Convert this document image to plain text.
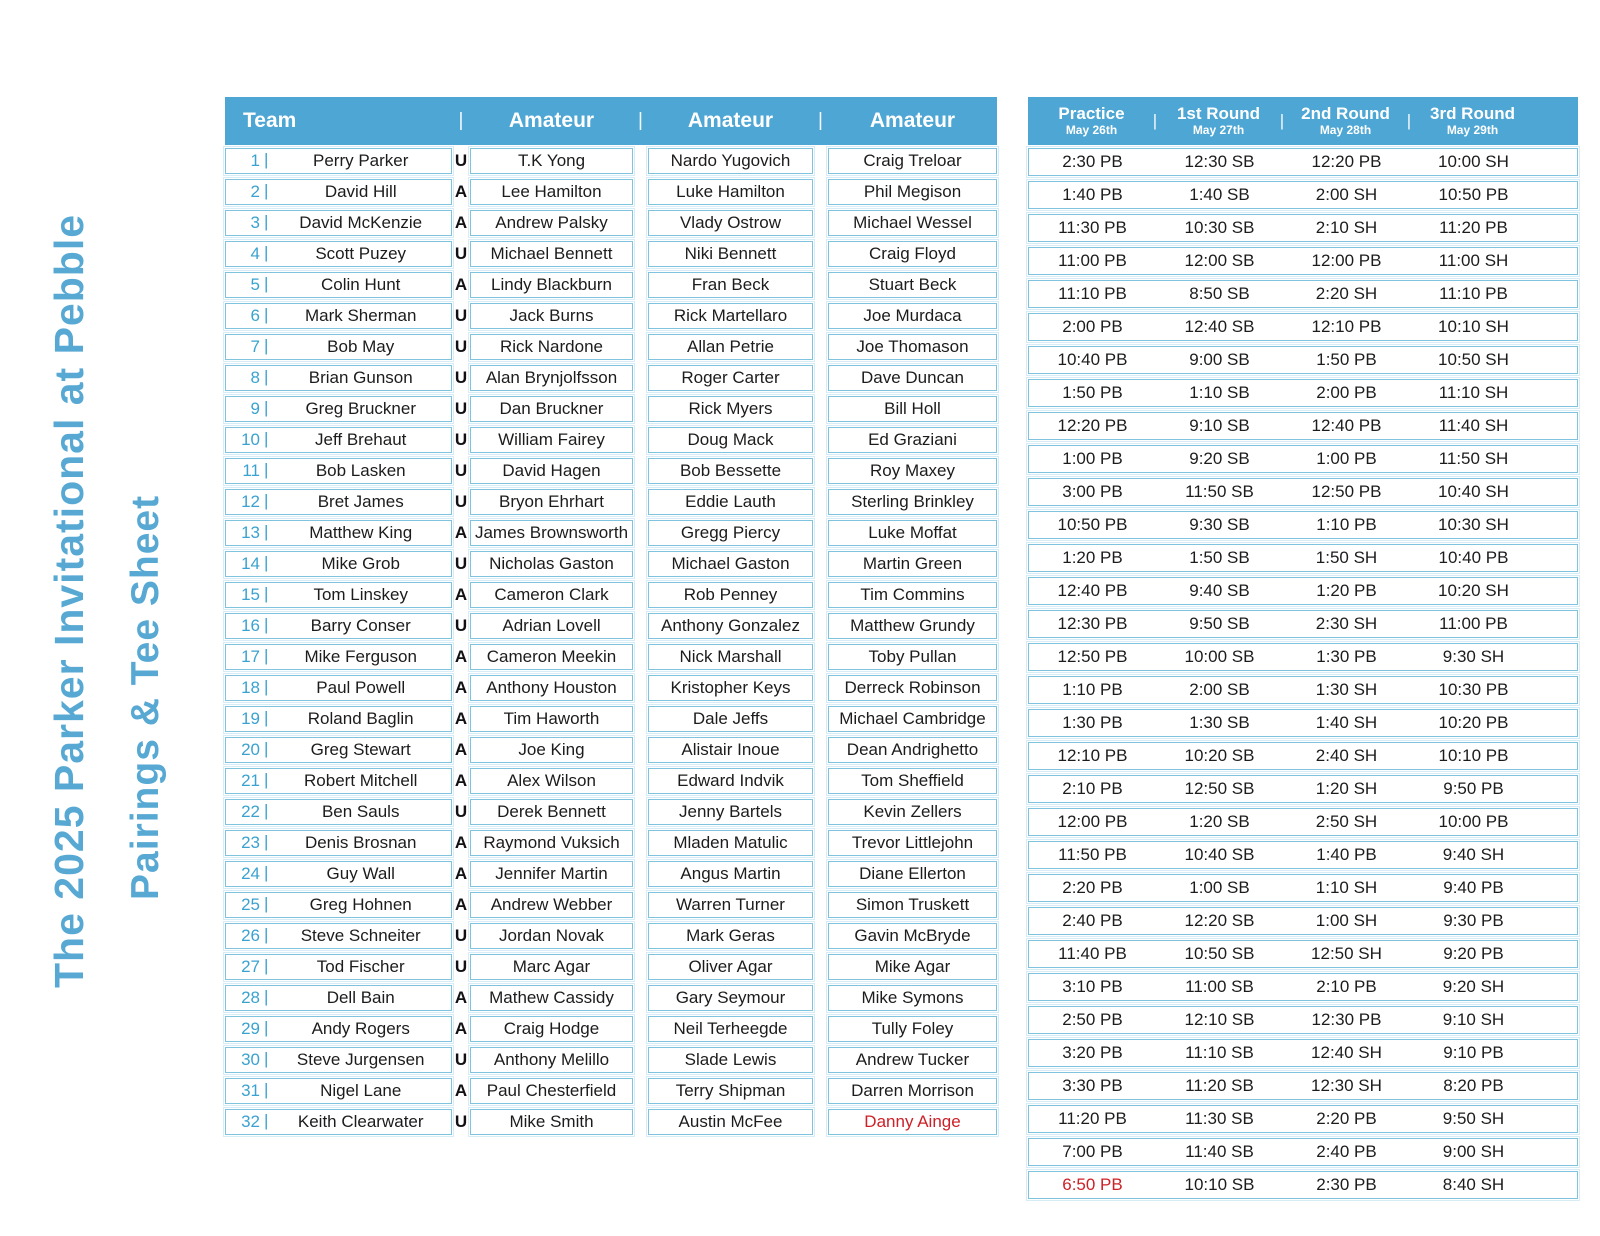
The 2025 Parker Invitational at Pebble Pairings & Tee Sheet
Team	|	Amateur	|	Amateur	|	Amateur
1 |	Perry Parker	U	T.K Yong	Nardo Yugovich	Craig Treloar
2 |	David Hill	A Lee Hamilton	Luke Hamilton	Phil Megison
3 |	David McKenzie	A Andrew Palsky	Vlady Ostrow	Michael Wessel
4 |	Scott Puzey	U Michael Bennett	Niki Bennett	Craig Floyd
5 |	Colin Hunt	A Lindy Blackburn	Fran Beck	Stuart Beck
6 |	Mark Sherman	U Jack Burns	Rick Martellaro	Joe Murdaca
7 |	Bob May	U Rick Nardone	Allan Petrie	Joe Thomason
8 |	Brian Gunson	U Alan Brynjolfsson	Roger Carter	Dave Duncan
9 |	Greg Bruckner	U Dan Bruckner	Rick Myers	Bill Holl
10 |	Jeff Brehaut	U William Fairey	Doug Mack	Ed Graziani
11 |	Bob Lasken	U David Hagen	Bob Bessette	Roy Maxey
12 |	Bret James	U Bryon Ehrhart	Eddie Lauth	Sterling Brinkley
13 |	Matthew King	A James Brownsworth	Gregg Piercy	Luke Moffat
14 |	Mike Grob	U Nicholas Gaston	Michael Gaston	Martin Green
15 |	Tom Linskey	A Cameron Clark	Rob Penney	Tim Commins
16 |	Barry Conser	U Adrian Lovell	Anthony Gonzalez	Matthew Grundy
17 |	Mike Ferguson	A Cameron Meekin	Nick Marshall	Toby Pullan
18 |	Paul Powell	A Anthony Houston	Kristopher Keys	Derreck Robinson
19 |	Roland Baglin	A Tim Haworth	Dale Jeffs	Michael Cambridge
20 |	Greg Stewart	A	Joe King	Alistair Inoue	Dean Andrighetto
21 |	Robert Mitchell	A Alex Wilson	Edward Indvik	Tom Sheffield
22 |	Ben Sauls	U Derek Bennett	Jenny Bartels	Kevin Zellers
23 |	Denis Brosnan	A Raymond Vuksich	Mladen Matulic	Trevor Littlejohn
24 |	Guy Wall	A Jennifer Martin	Angus Martin	Diane Ellerton
25 |	Greg Hohnen	A Andrew Webber	Warren Turner	Simon Truskett
26 |	Steve Schneiter	U Jordan Novak	Mark Geras	Gavin McBryde
27 |	Tod Fischer	U	Marc Agar	Oliver Agar	Mike Agar
28 |	Dell Bain	A Mathew Cassidy	Gary Seymour	Mike Symons
29 |	Andy Rogers	A Craig Hodge	Neil Terheegde	Tully Foley
30 |	Steve Jurgensen	U Anthony Melillo	Slade Lewis	Andrew Tucker
31 |	Nigel Lane	A Paul Chesterfield	Terry Shipman	Darren Morrison
32 |	Keith Clearwater	U Mike Smith	Austin McFee	Danny Ainge
Practice
May 26th
1st Round
May 27th
2nd Round
May 28th
3rd Round
May 29th
|	|	|
2:30 PB	12:30 SB	12:20 PB	10:00 SH
1:40 PB	1:40 SB	2:00 SH	10:50 PB
11:30 PB	10:30 SB	2:10 SH	11:20 PB
11:00 PB	12:00 SB	12:00 PB	11:00 SH
11:10 PB	8:50 SB	2:20 SH	11:10 PB
2:00 PB	12:40 SB	12:10 PB	10:10 SH
10:40 PB	9:00 SB	1:50 PB	10:50 SH
1:50 PB	1:10 SB	2:00 PB	11:10 SH
12:20 PB	9:10 SB	12:40 PB	11:40 SH
1:00 PB	9:20 SB	1:00 PB	11:50 SH
3:00 PB	11:50 SB	12:50 PB	10:40 SH
10:50 PB	9:30 SB	1:10 PB	10:30 SH
1:20 PB	1:50 SB	1:50 SH	10:40 PB
12:40 PB	9:40 SB	1:20 PB	10:20 SH
12:30 PB	9:50 SB	2:30 SH	11:00 PB
12:50 PB	10:00 SB	1:30 PB	9:30 SH
1:10 PB	2:00 SB	1:30 SH	10:30 PB
1:30 PB	1:30 SB	1:40 SH	10:20 PB
12:10 PB	10:20 SB	2:40 SH	10:10 PB
2:10 PB	12:50 SB	1:20 SH	9:50 PB
12:00 PB	1:20 SB	2:50 SH	10:00 PB
11:50 PB	10:40 SB	1:40 PB	9:40 SH
2:20 PB	1:00 SB	1:10 SH	9:40 PB
2:40 PB	12:20 SB	1:00 SH	9:30 PB
11:40 PB	10:50 SB	12:50 SH	9:20 PB
3:10 PB	11:00 SB	2:10 PB	9:20 SH
2:50 PB	12:10 SB	12:30 PB	9:10 SH
3:20 PB	11:10 SB	12:40 SH	9:10 PB
3:30 PB	11:20 SB	12:30 SH	8:20 PB
11:20 PB	11:30 SB	2:20 PB	9:50 SH
7:00 PB	11:40 SB	2:40 PB	9:00 SH
6:50 PB	10:10 SB	2:30 PB	8:40 SH
